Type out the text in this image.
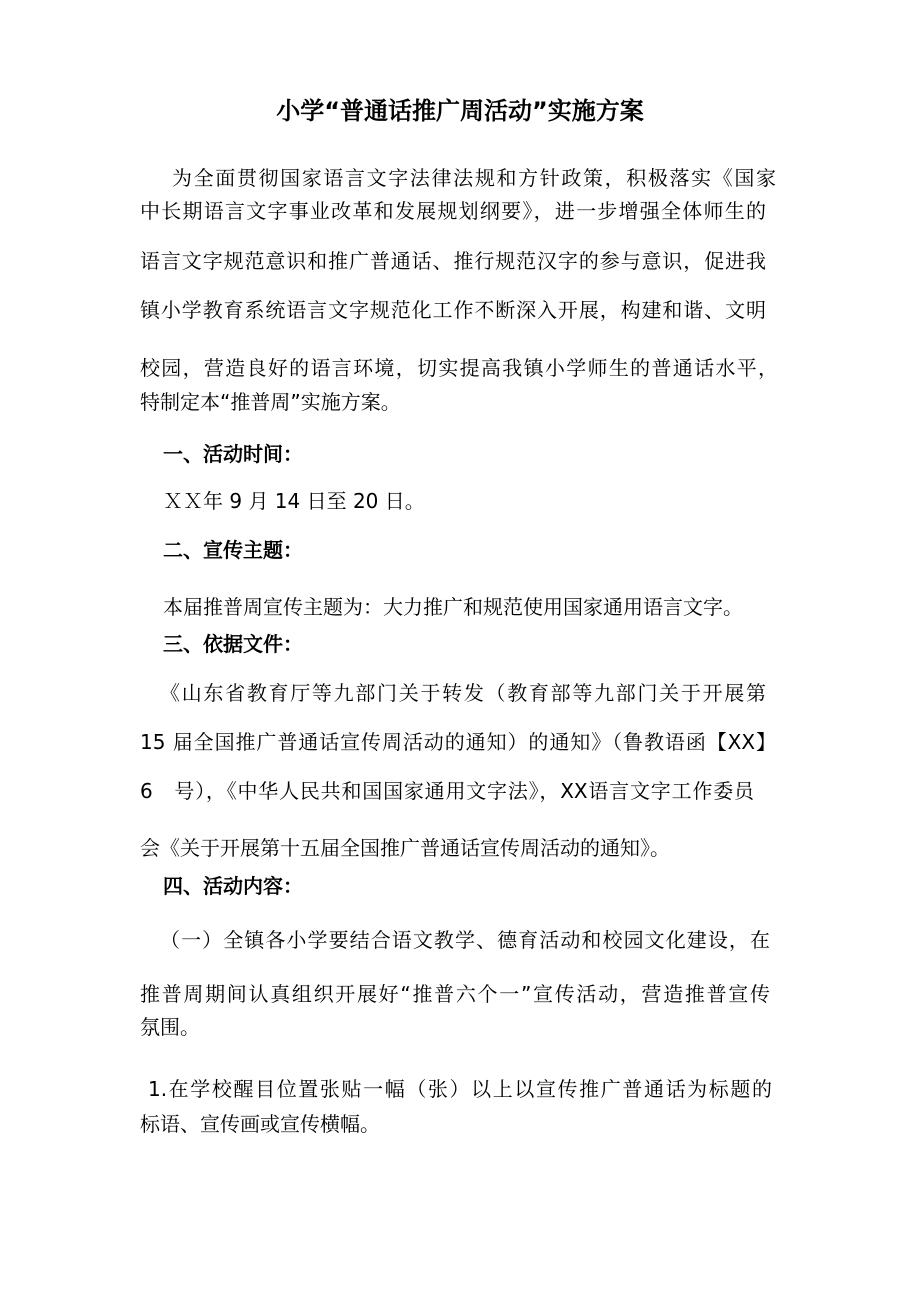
小学“普通话推广周活动”实施方案
为全面贯彻国家语言文字法律法规和方针政策，积极落实《国家
中长期语言文字事业改革和发展规划纲要》，进一步增强全体师生的
语言文字规范意识和推广普通话、推行规范汉字的参与意识，促进我
镇小学教育系统语言文字规范化工作不断深入开展，构建和谐、文明
校园，营造良好的语言环境，切实提高我镇小学师生的普通话水平，
特制定本“推普周”实施方案。
一、活动时间：
ＸＸ年 9 月 14 日至 20 日。
二、宣传主题：
本届推普周宣传主题为：大力推广和规范使用国家通用语言文字。
三、依据文件：
《山东省教育厅等九部门关于转发（教育部等九部门关于开展第
15 届全国推广普通话宣传周活动的通知）的通知》（鲁教语函【XX】
6　号），《中华人民共和国国家通用文字法》，XX语言文字工作委员
会《关于开展第十五届全国推广普通话宣传周活动的通知》。
四、活动内容：
（一）全镇各小学要结合语文教学、德育活动和校园文化建设，在
推普周期间认真组织开展好“推普六个一”宣传活动，营造推普宣传
氛围。
1.在学校醒目位置张贴一幅（张）以上以宣传推广普通话为标题的
标语、宣传画或宣传横幅。
